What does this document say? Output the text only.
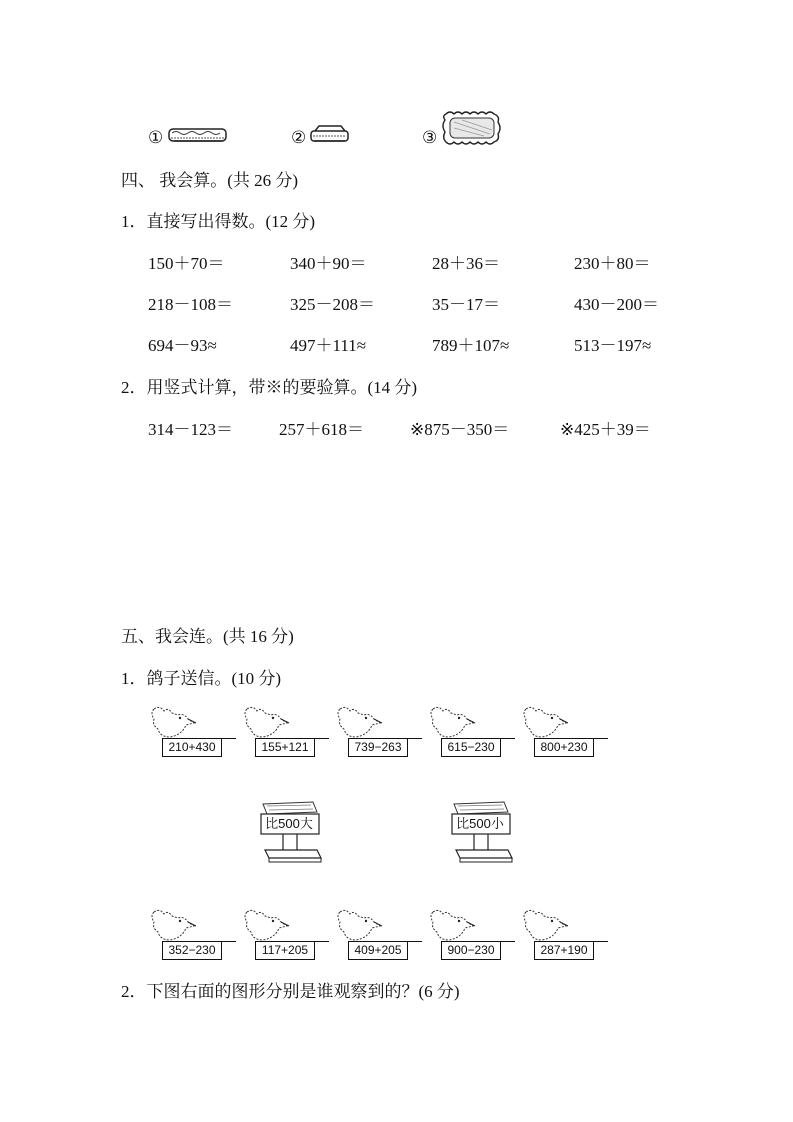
①	②	③
四、 我会算。(共 26 分)
1．直接写出得数。(12 分)
150＋70＝	340＋90＝	28＋36＝	230＋80＝
218－108＝	325－208＝	35－17＝	430－200＝
694－93≈	497＋111≈	789＋107≈	513－197≈
2．用竖式计算，带※的要验算。(14 分)
314－123＝	257＋618＝	※875－350＝	※425＋39＝
五、我会连。(共 16 分)
1．鸽子送信。(10 分)
210+430	155+121	739−263	615−230	800+230
比500大	比500小
352−230	117+205	409+205	900−230	287+190
2．下图右面的图形分别是谁观察到的？(6 分)
